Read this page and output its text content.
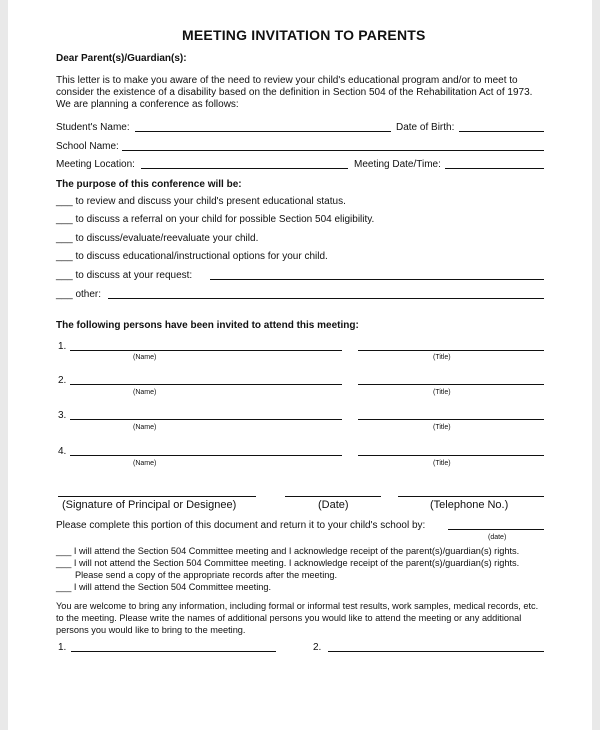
MEETING INVITATION TO PARENTS
Dear Parent(s)/Guardian(s):
This letter is to make you aware of the need to review your child's educational program and/or to meet to
consider the existence of a disability based on the definition in Section 504 of the Rehabilitation Act of 1973.
We are planning a conference as follows:
Student's Name:	Date of Birth:
School Name:
Meeting Location:	Meeting Date/Time:
The purpose of this conference will be:
___ to review and discuss your child's present educational status.
___ to discuss a referral on your child for possible Section 504 eligibility.
___ to discuss/evaluate/reevaluate your child.
___ to discuss educational/instructional options for your child.
___ to discuss at your request:
___ other:
The following persons have been invited to attend this meeting:
1.
(Name)	(Title)
2.
(Name)	(Title)
3.
(Name)	(Title)
4.
(Name)	(Title)
(Signature of Principal or Designee)	(Date)	(Telephone No.)
Please complete this portion of this document and return it to your child's school by:
(date)
___ I will attend the Section 504 Committee meeting and I acknowledge receipt of the parent(s)/guardian(s) rights.
___ I will not attend the Section 504 Committee meeting. I acknowledge receipt of the parent(s)/guardian(s) rights.
Please send a copy of the appropriate records after the meeting.
___ I will attend the Section 504 Committee meeting.
You are welcome to bring any information, including formal or informal test results, work samples, medical records, etc.
to the meeting. Please write the names of additional persons you would like to attend the meeting or any additional
persons you would like to bring to the meeting.
1.	2.
